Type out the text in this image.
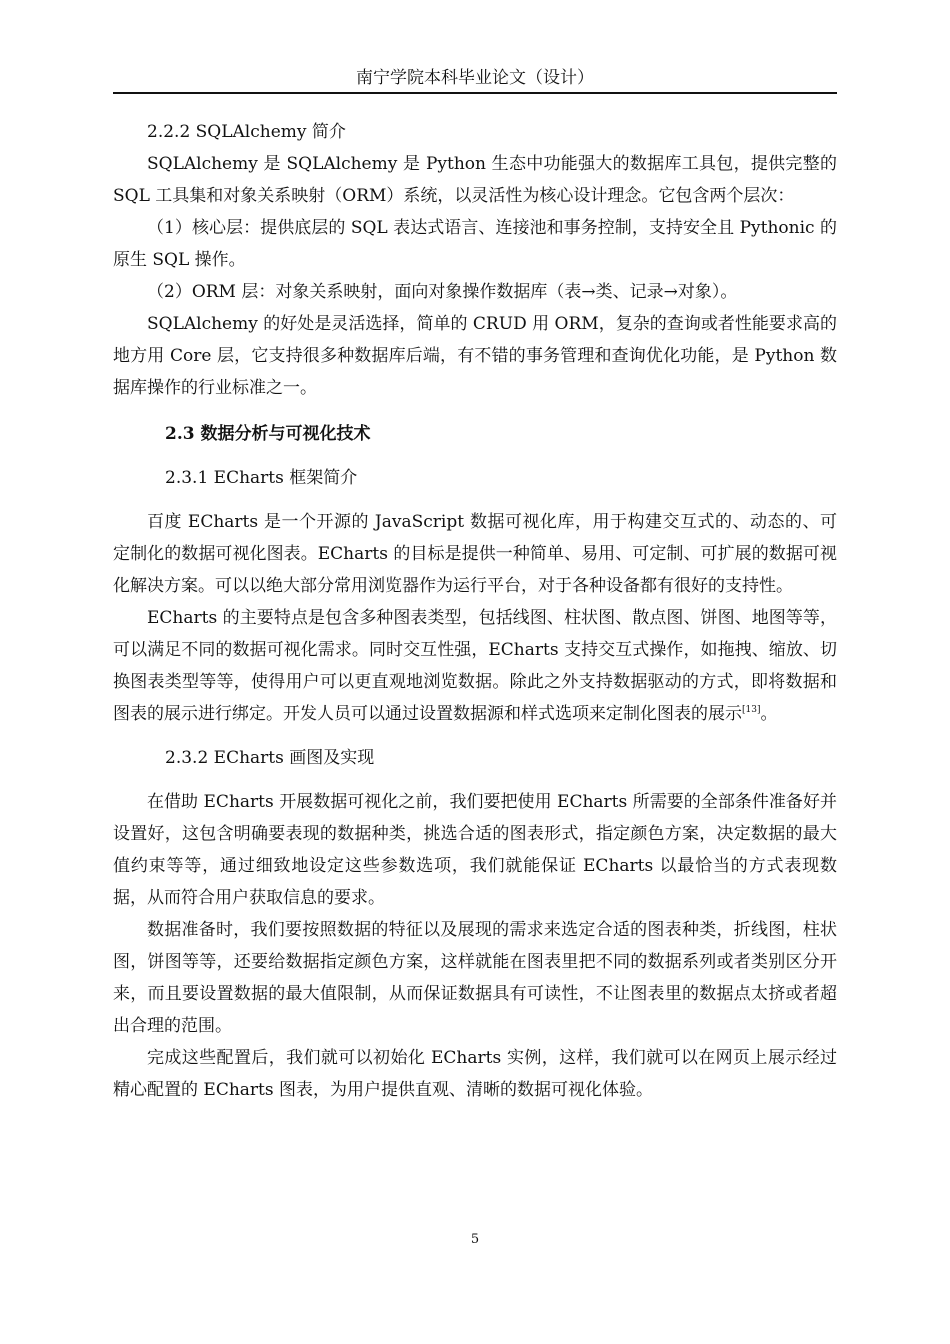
南宁学院本科毕业论文（设计）
2.2.2 SQLAlchemy 简介

SQLAlchemy 是 SQLAlchemy 是 Python 生态中功能强大的数据库工具包，提供完整的 SQL 工具集和对象关系映射（ORM）系统，以灵活性为核心设计理念。它包含两个层次：

（1）核心层：提供底层的 SQL 表达式语言、连接池和事务控制，支持安全且 Pythonic 的原生 SQL 操作。

（2）ORM 层：对象关系映射，面向对象操作数据库（表→类、记录→对象）。

SQLAlchemy 的好处是灵活选择，简单的 CRUD 用 ORM，复杂的查询或者性能要求高的地方用 Core 层，它支持很多种数据库后端，有不错的事务管理和查询优化功能，是 Python 数据库操作的行业标准之一。

2.3 数据分析与可视化技术
2.3.1 ECharts 框架简介

百度 ECharts 是一个开源的 JavaScript 数据可视化库，用于构建交互式的、动态的、可定制化的数据可视化图表。ECharts 的目标是提供一种简单、易用、可定制、可扩展的数据可视化解决方案。可以以绝大部分常用浏览器作为运行平台，对于各种设备都有很好的支持性。

ECharts 的主要特点是包含多种图表类型，包括线图、柱状图、散点图、饼图、地图等等，可以满足不同的数据可视化需求。同时交互性强，ECharts 支持交互式操作，如拖拽、缩放、切换图表类型等等，使得用户可以更直观地浏览数据。除此之外支持数据驱动的方式，即将数据和图表的展示进行绑定。开发人员可以通过设置数据源和样式选项来定制化图表的展示[13]。

2.3.2 ECharts 画图及实现

在借助 ECharts 开展数据可视化之前，我们要把使用 ECharts 所需要的全部条件准备好并设置好，这包含明确要表现的数据种类，挑选合适的图表形式，指定颜色方案，决定数据的最大值约束等等，通过细致地设定这些参数选项，我们就能保证 ECharts 以最恰当的方式表现数据，从而符合用户获取信息的要求。

数据准备时，我们要按照数据的特征以及展现的需求来选定合适的图表种类，折线图，柱状图，饼图等等，还要给数据指定颜色方案，这样就能在图表里把不同的数据系列或者类别区分开来，而且要设置数据的最大值限制，从而保证数据具有可读性，不让图表里的数据点太挤或者超出合理的范围。

完成这些配置后，我们就可以初始化 ECharts 实例，这样，我们就可以在网页上展示经过精心配置的 ECharts 图表，为用户提供直观、清晰的数据可视化体验。

5
